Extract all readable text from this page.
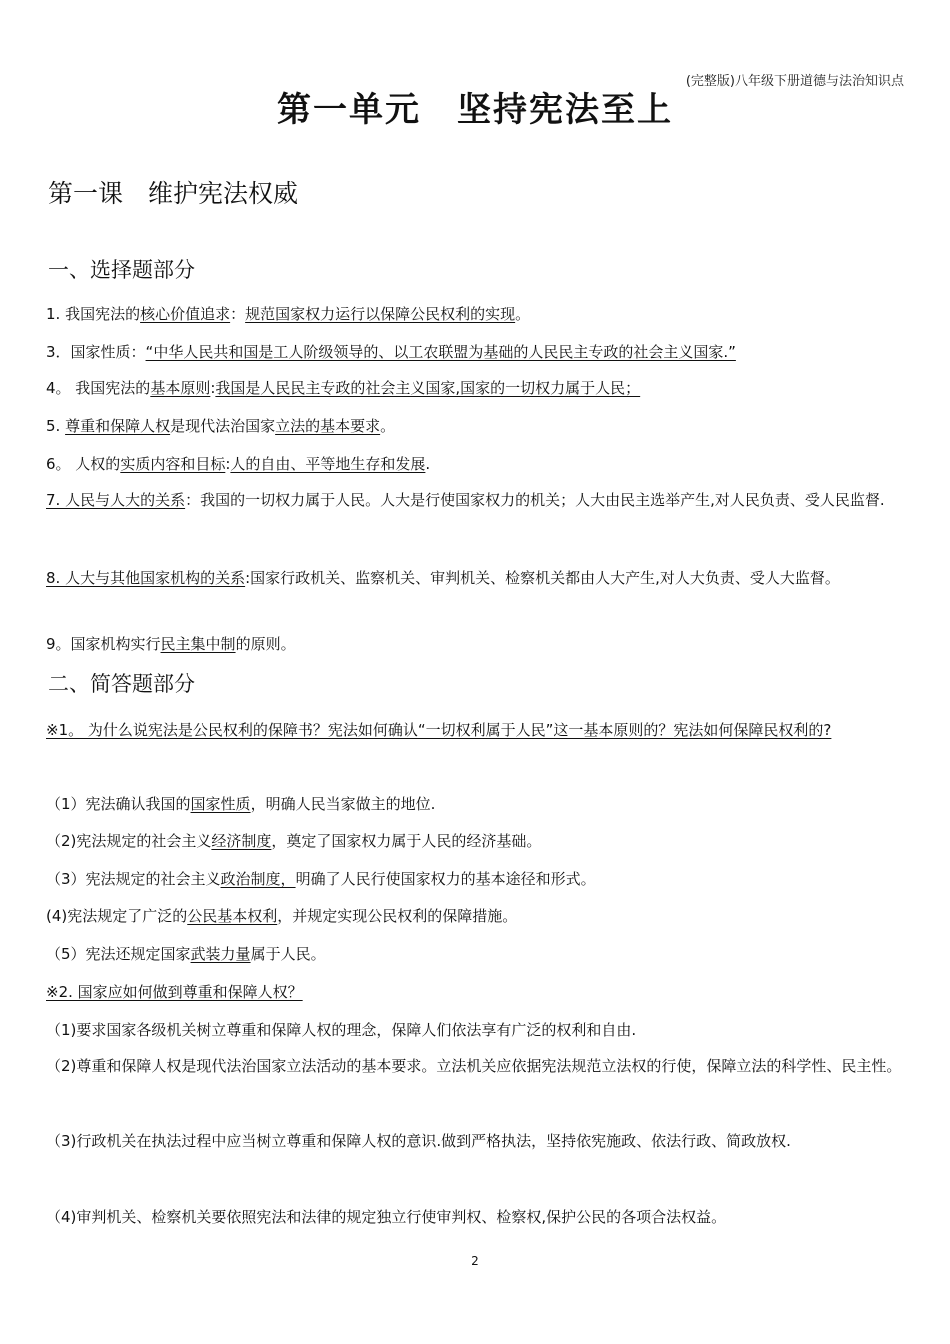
(完整版)八年级下册道德与法治知识点
第一单元　坚持宪法至上
第一课　维护宪法权威
一、选择题部分
1. 我国宪法的核心价值追求：规范国家权力运行以保障公民权利的实现。
3．国家性质：“中华人民共和国是工人阶级领导的、以工农联盟为基础的人民民主专政的社会主义国家.”
4。 我国宪法的基本原则:我国是人民民主专政的社会主义国家,国家的一切权力属于人民；
5. 尊重和保障人权是现代法治国家立法的基本要求。
6。 人权的实质内容和目标:人的自由、平等地生存和发展.
7. 人民与人大的关系：我国的一切权力属于人民。人大是行使国家权力的机关；人大由民主选举产生,对人民负责、受人民监督.
8. 人大与其他国家机构的关系:国家行政机关、监察机关、审判机关、检察机关都由人大产生,对人大负责、受人大监督。
9。国家机构实行民主集中制的原则。
二、简答题部分
※1。 为什么说宪法是公民权利的保障书？宪法如何确认“一切权利属于人民”这一基本原则的？宪法如何保障民权利的?
（1）宪法确认我国的国家性质，明确人民当家做主的地位.
（2)宪法规定的社会主义经济制度，奠定了国家权力属于人民的经济基础。
（3）宪法规定的社会主义政治制度，明确了人民行使国家权力的基本途径和形式。
(4)宪法规定了广泛的公民基本权利，并规定实现公民权利的保障措施。
（5）宪法还规定国家武装力量属于人民。
※2. 国家应如何做到尊重和保障人权？
（1)要求国家各级机关树立尊重和保障人权的理念，保障人们依法享有广泛的权利和自由.
（2)尊重和保障人权是现代法治国家立法活动的基本要求。立法机关应依据宪法规范立法权的行使，保障立法的科学性、民主性。
（3)行政机关在执法过程中应当树立尊重和保障人权的意识.做到严格执法，坚持依宪施政、依法行政、简政放权.
（4)审判机关、检察机关要依照宪法和法律的规定独立行使审判权、检察权,保护公民的各项合法权益。
2
